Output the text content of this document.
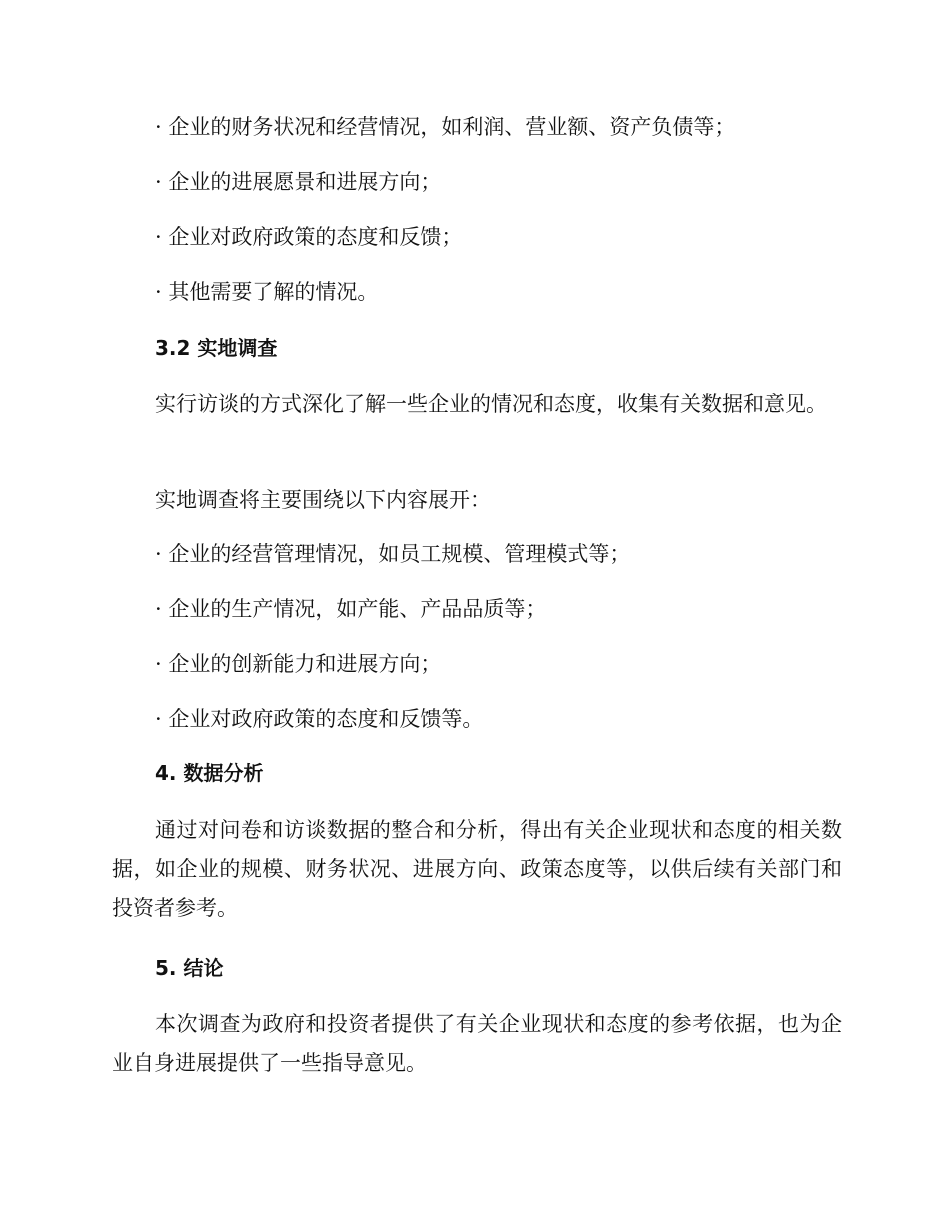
· 企业的财务状况和经营情况，如利润、营业额、资产负债等；
· 企业的进展愿景和进展方向；
· 企业对政府政策的态度和反馈；
· 其他需要了解的情况。
3.2 实地调查
实行访谈的方式深化了解一些企业的情况和态度，收集有关数据和意见。
实地调查将主要围绕以下内容展开：
· 企业的经营管理情况，如员工规模、管理模式等；
· 企业的生产情况，如产能、产品品质等；
· 企业的创新能力和进展方向；
· 企业对政府政策的态度和反馈等。
4. 数据分析
通过对问卷和访谈数据的整合和分析，得出有关企业现状和态度的相关数据，如企业的规模、财务状况、进展方向、政策态度等，以供后续有关部门和投资者参考。
5. 结论
本次调查为政府和投资者提供了有关企业现状和态度的参考依据，也为企业自身进展提供了一些指导意见。
